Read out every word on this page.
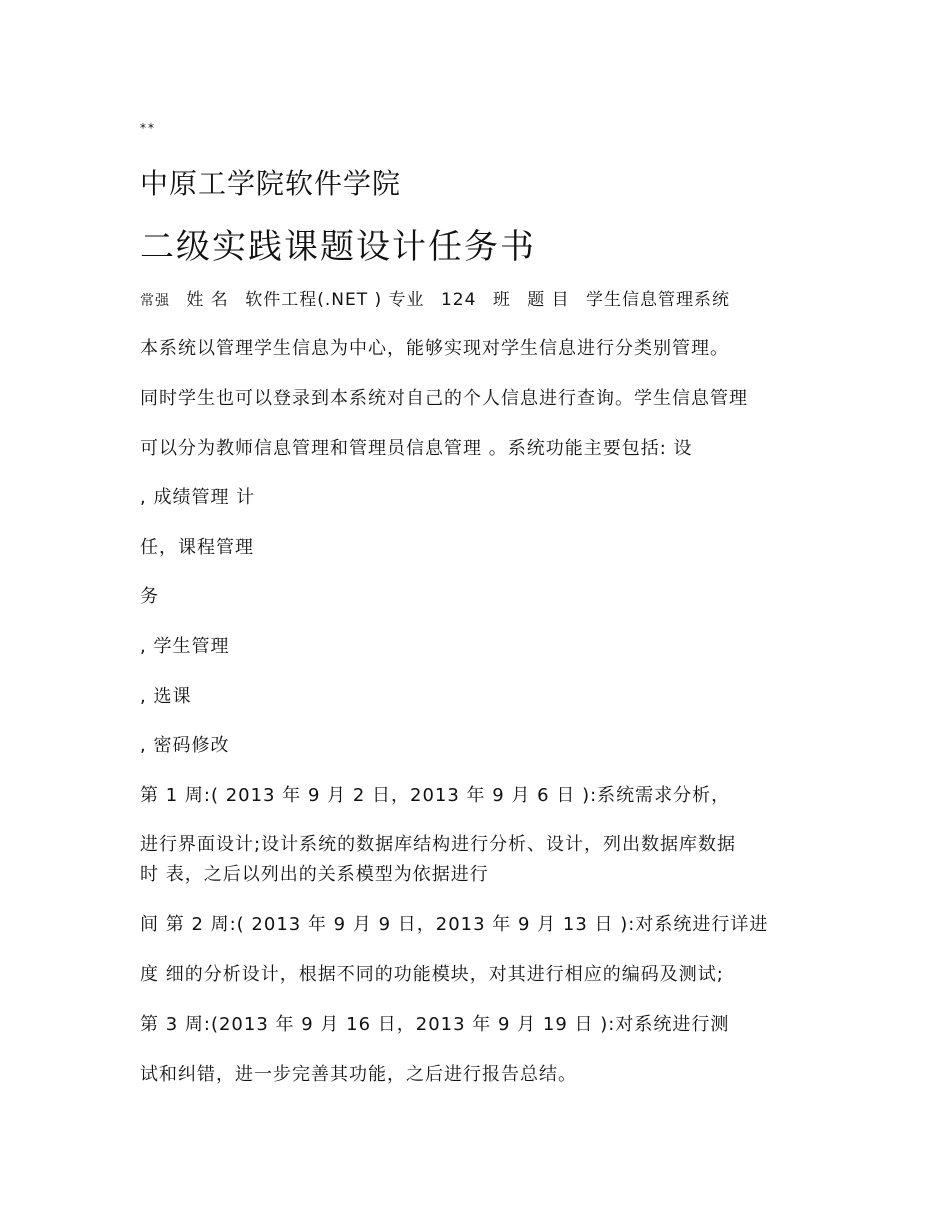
**
中原工学院软件学院
二级实践课题设计任务书
常强 姓 名 软件工程(.NET ) 专业 124 班 题 目 学生信息管理系统
本系统以管理学生信息为中心，能够实现对学生信息进行分类别管理。
同时学生也可以登录到本系统对自己的个人信息进行查询。学生信息管理
可以分为教师信息管理和管理员信息管理 。系统功能主要包括: 设
, 成绩管理 计
任，课程管理
务
, 学生管理
, 选课
, 密码修改
第 1 周:( 2013 年 9 月 2 日，2013 年 9 月 6 日 ):系统需求分析，
进行界面设计;设计系统的数据库结构进行分析、设计，列出数据库数据
时 表，之后以列出的关系模型为依据进行
间 第 2 周:( 2013 年 9 月 9 日，2013 年 9 月 13 日 ):对系统进行详进
度 细的分析设计，根据不同的功能模块，对其进行相应的编码及测试;
第 3 周:(2013 年 9 月 16 日，2013 年 9 月 19 日 ):对系统进行测
试和纠错，进一步完善其功能，之后进行报告总结。
